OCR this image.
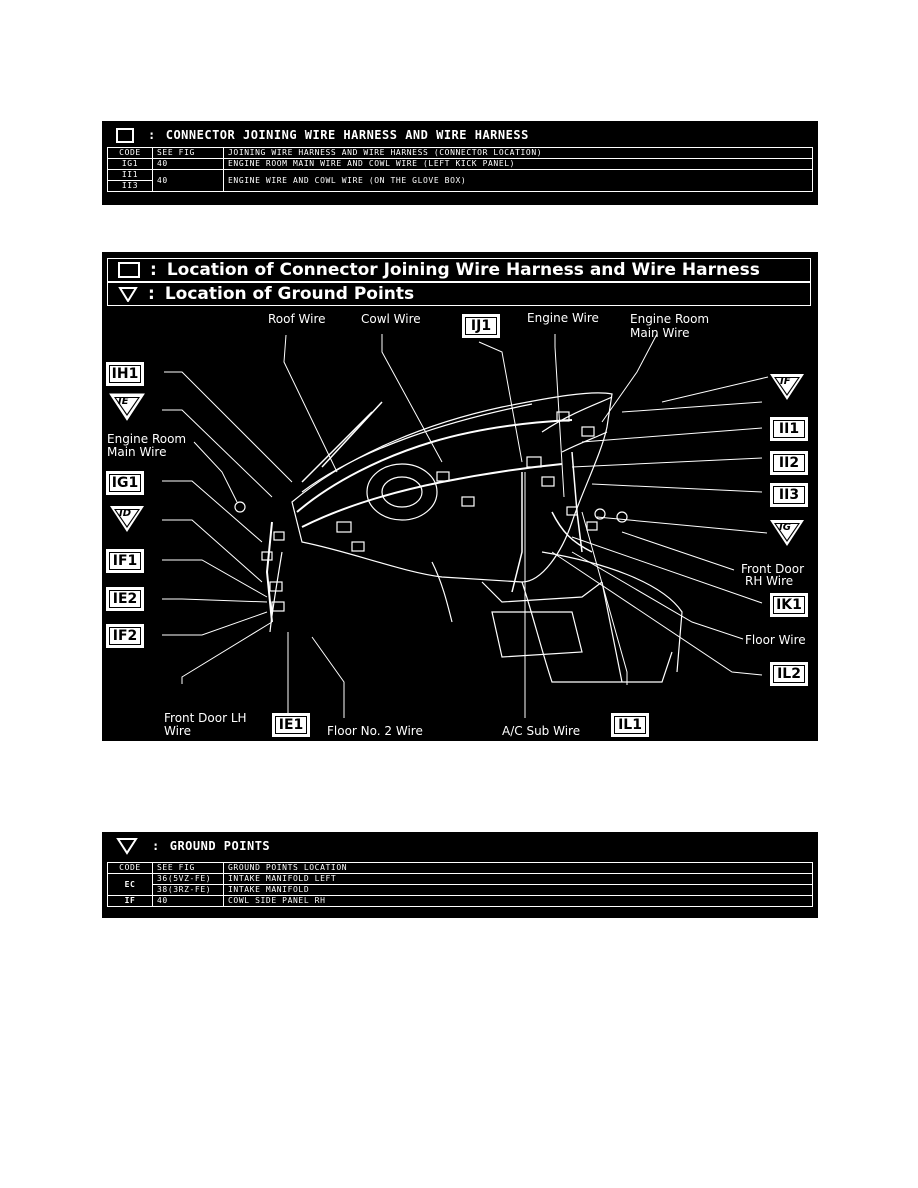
: CONNECTOR JOINING WIRE HARNESS AND WIRE HARNESS
CODE	SEE FIG	JOINING WIRE HARNESS AND WIRE HARNESS (CONNECTOR LOCATION)
IG1	40	ENGINE ROOM MAIN WIRE AND COWL WIRE (LEFT KICK PANEL)
II1	40	ENGINE WIRE AND COWL WIRE (ON THE GLOVE BOX)
II3		
: Location of Connector Joining Wire Harness and Wire Harness
: Location of Ground Points
Roof Wire	Cowl Wire	Engine Wire	Engine Room
Main Wire
Engine Room
Main Wire
Front Door
RH Wire
Floor Wire
Front Door LH
Wire	Floor No. 2 Wire	A/C Sub Wire
IJ1
IH1
IG1
IF1
IE2
IF2
IE1	IL1
II1
II2
II3
IK1
IL2
IE
ID
IF
IG
: GROUND POINTS
CODE	SEE FIG	GROUND POINTS LOCATION
EC	36(5VZ-FE)	INTAKE MANIFOLD LEFT
	38(3RZ-FE)	INTAKE MANIFOLD
IF	40	COWL SIDE PANEL RH
